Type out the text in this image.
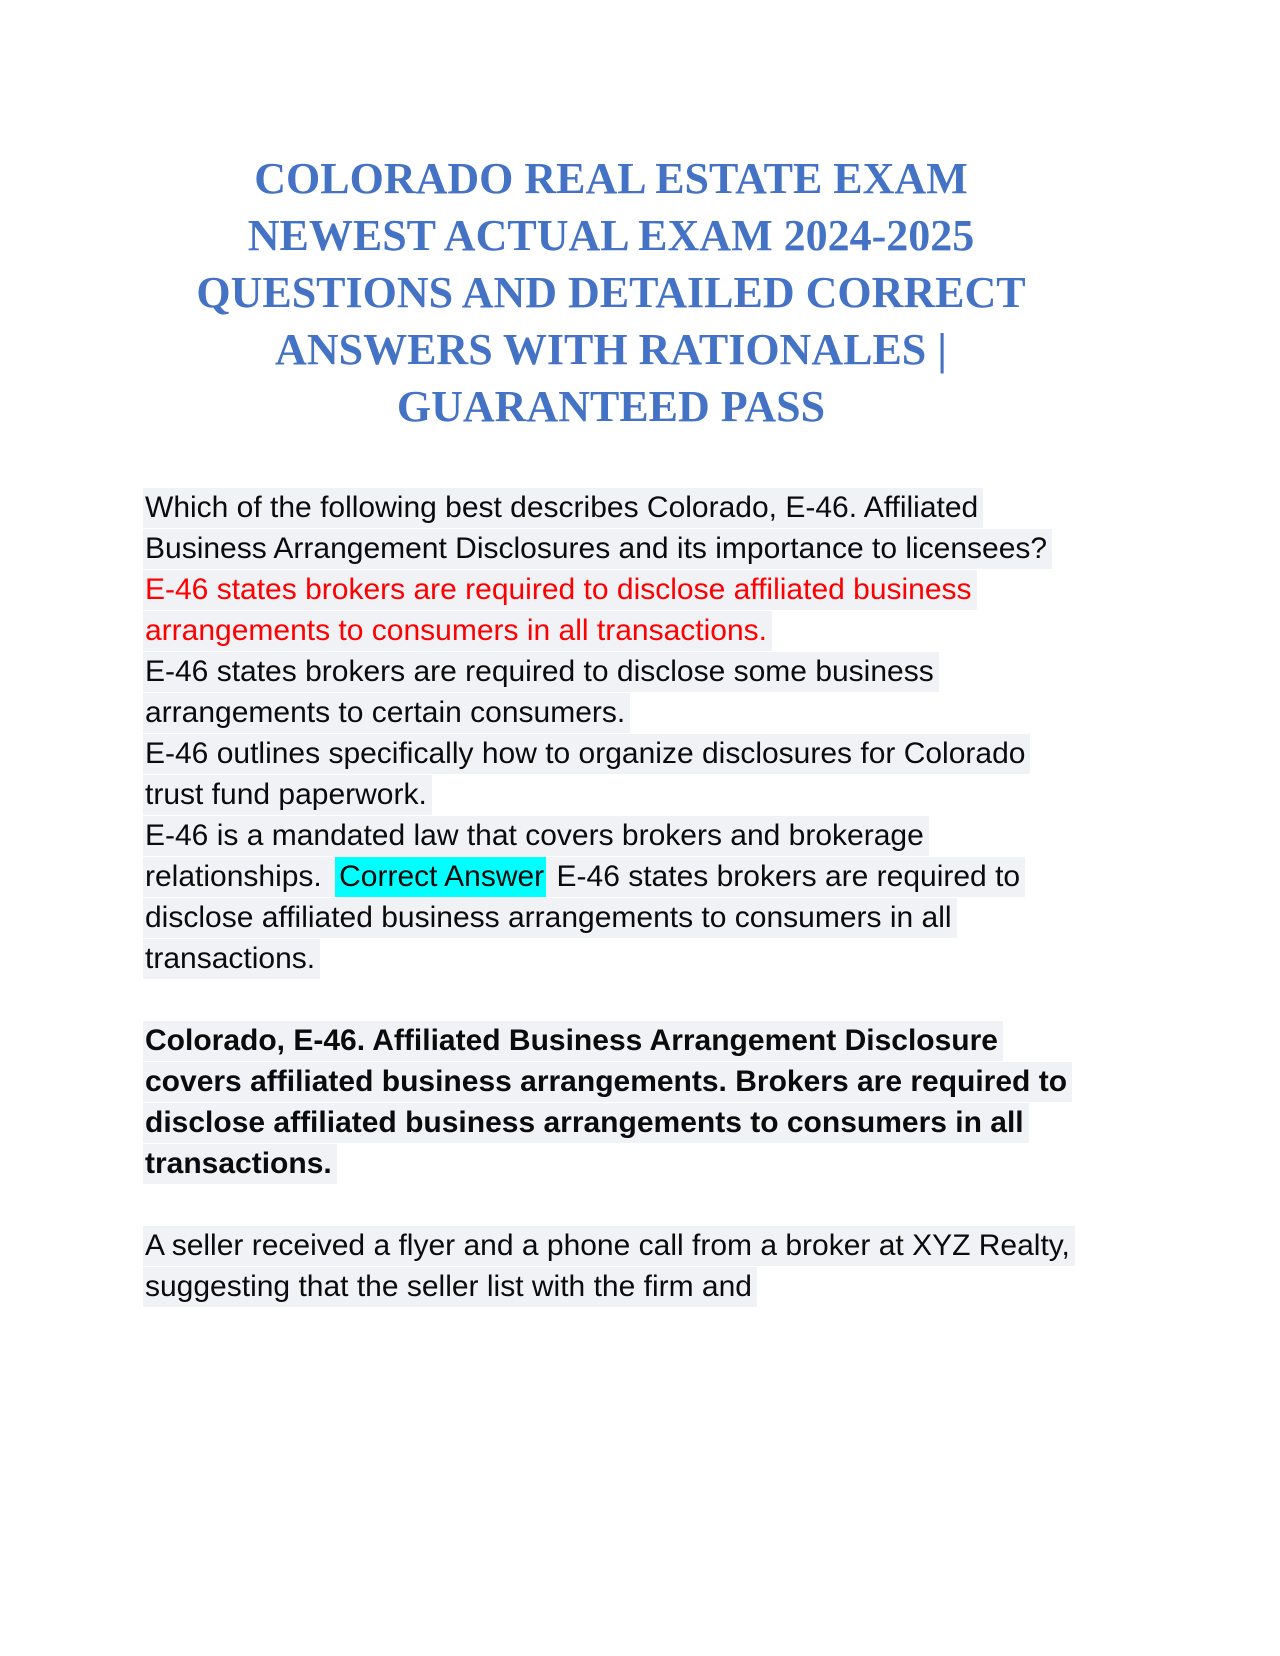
COLORADO REAL ESTATE EXAM
NEWEST ACTUAL EXAM 2024-2025
QUESTIONS AND DETAILED CORRECT
ANSWERS WITH RATIONALES |
GUARANTEED PASS

Which of the following best describes Colorado, E-46. Affiliated Business Arrangement Disclosures and its importance to licensees?

E-46 states brokers are required to disclose affiliated business arrangements to consumers in all transactions.

E-46 states brokers are required to disclose some business arrangements to certain consumers.

E-46 outlines specifically how to organize disclosures for Colorado trust fund paperwork.

E-46 is a mandated law that covers brokers and brokerage relationships. Correct Answer E-46 states brokers are required to disclose affiliated business arrangements to consumers in all transactions.

Colorado, E-46. Affiliated Business Arrangement Disclosure covers affiliated business arrangements. Brokers are required to disclose affiliated business arrangements to consumers in all transactions.

A seller received a flyer and a phone call from a broker at XYZ Realty, suggesting that the seller list with the firm and
